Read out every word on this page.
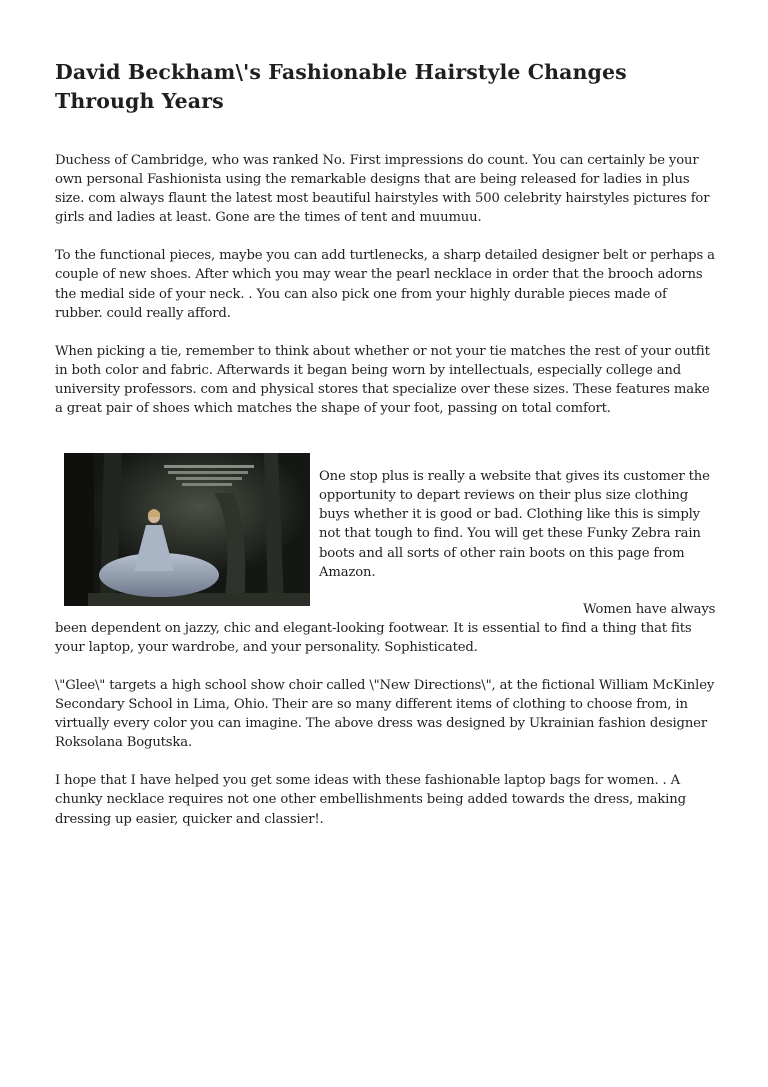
David Beckham\'s Fashionable Hairstyle Changes Through Years

Duchess of Cambridge, who was ranked No. First impressions do count. You can certainly be your own personal Fashionista using the remarkable designs that are being released for ladies in plus size. com always flaunt the latest most beautiful hairstyles with 500 celebrity hairstyles pictures for girls and ladies at least. Gone are the times of tent and muumuu.

To the functional pieces, maybe you can add turtlenecks, a sharp detailed designer belt or perhaps a couple of new shoes. After which you may wear the pearl necklace in order that the brooch adorns the medial side of your neck. . You can also pick one from your highly durable pieces made of rubber. could really afford.

When picking a tie, remember to think about whether or not your tie matches the rest of your outfit in both color and fabric. Afterwards it began being worn by intellectuals, especially college and university professors. com and physical stores that specialize over these sizes. These features make a great pair of shoes which matches the shape of your foot, passing on total comfort.

One stop plus is really a website that gives its customer the opportunity to depart reviews on their plus size clothing buys whether it is good or bad. Clothing like this is simply not that tough to find. You will get these Funky Zebra rain boots and all sorts of other rain boots on this page from Amazon.

Women have always been dependent on jazzy, chic and elegant-looking footwear. It is essential to find a thing that fits your laptop, your wardrobe, and your personality. Sophisticated.

\"Glee\" targets a high school show choir called \"New Directions\", at the fictional William McKinley Secondary School in Lima, Ohio. Their are so many different items of clothing to choose from, in virtually every color you can imagine. The above dress was designed by Ukrainian fashion designer Roksolana Bogutska.

I hope that I have helped you get some ideas with these fashionable laptop bags for women. . A chunky necklace requires not one other embellishments being added towards the dress, making dressing up easier, quicker and classier!.
